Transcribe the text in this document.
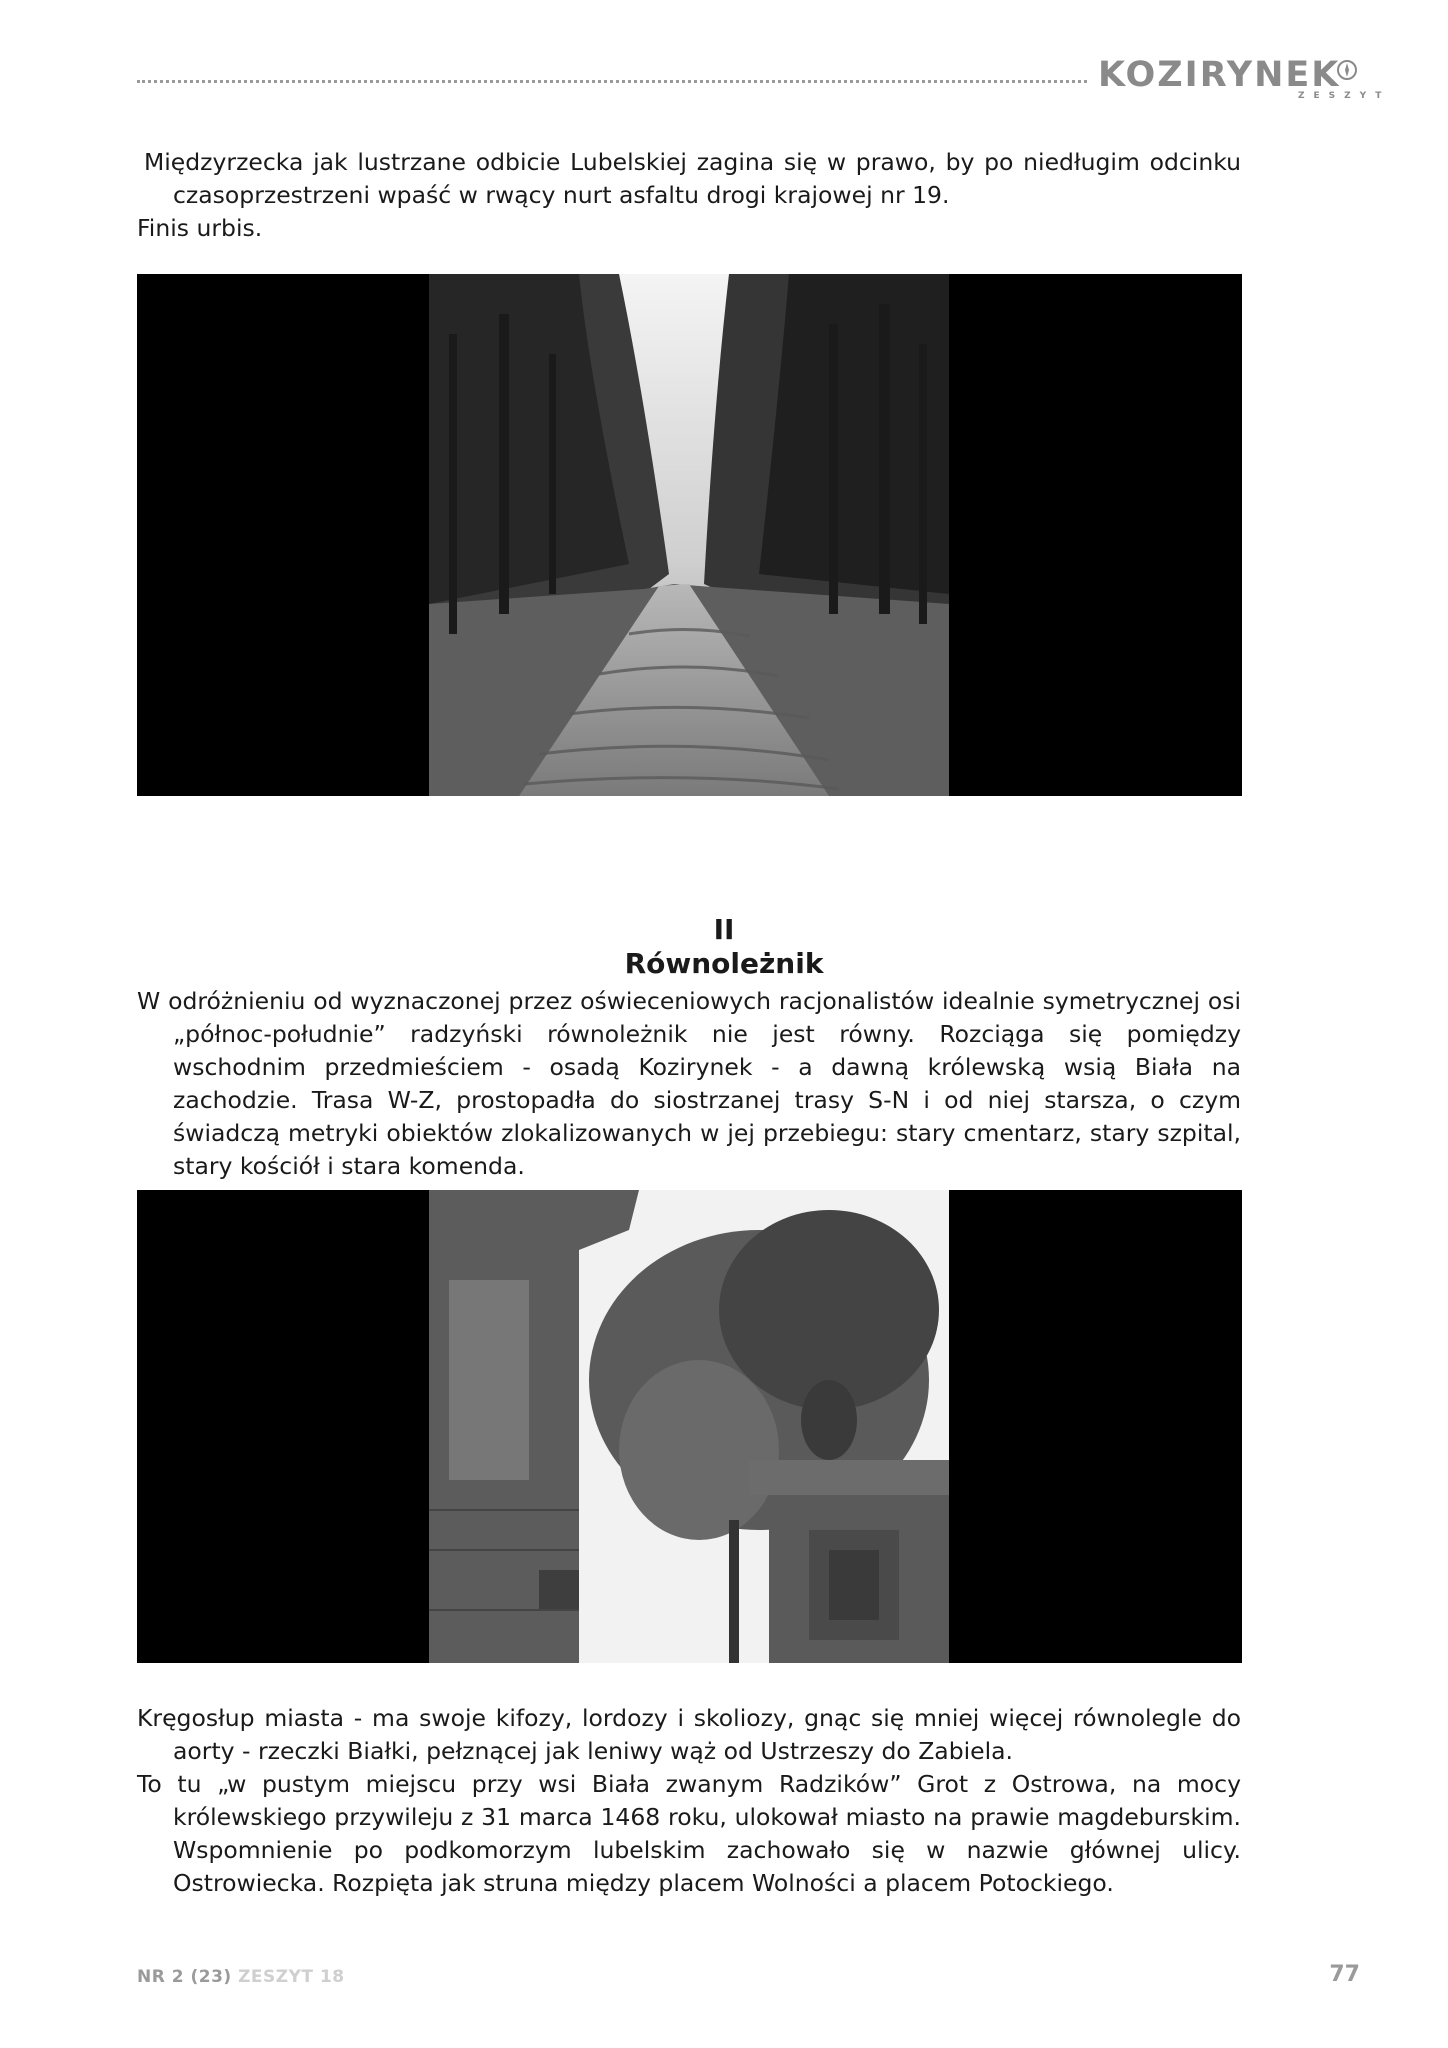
KOZIRYNEK
ZESZYT

Międzyrzecka jak lustrzane odbicie Lubelskiej zagina się w prawo, by po niedługim odcinku czasoprzestrzeni wpaść w rwący nurt asfaltu drogi krajowej nr 19.

Finis urbis.

II
Równoleżnik

W odróżnieniu od wyznaczonej przez oświeceniowych racjonalistów idealnie symetrycznej osi „północ-południe” radzyński równoleżnik nie jest równy. Rozciąga się pomiędzy wschodnim przedmieściem - osadą Kozirynek - a dawną królewską wsią Biała na zachodzie. Trasa W-Z, prostopadła do siostrzanej trasy S-N i od niej starsza, o czym świadczą metryki obiektów zlokalizowanych w jej przebiegu: stary cmentarz, stary szpital, stary kościół i stara komenda.

Kręgosłup miasta - ma swoje kifozy, lordozy i skoliozy, gnąc się mniej więcej równolegle do aorty - rzeczki Białki, pełznącej jak leniwy wąż od Ustrzeszy do Zabiela.

To tu „w pustym miejscu przy wsi Biała zwanym Radzików” Grot z Ostrowa, na mocy królewskiego przywileju z 31 marca 1468 roku, ulokował miasto na prawie magdeburskim. Wspomnienie po podkomorzym lubelskim zachowało się w nazwie głównej ulicy. Ostrowiecka. Rozpięta jak struna między placem Wolności a placem Potockiego.

NR 2 (23) ZESZYT 18	77
